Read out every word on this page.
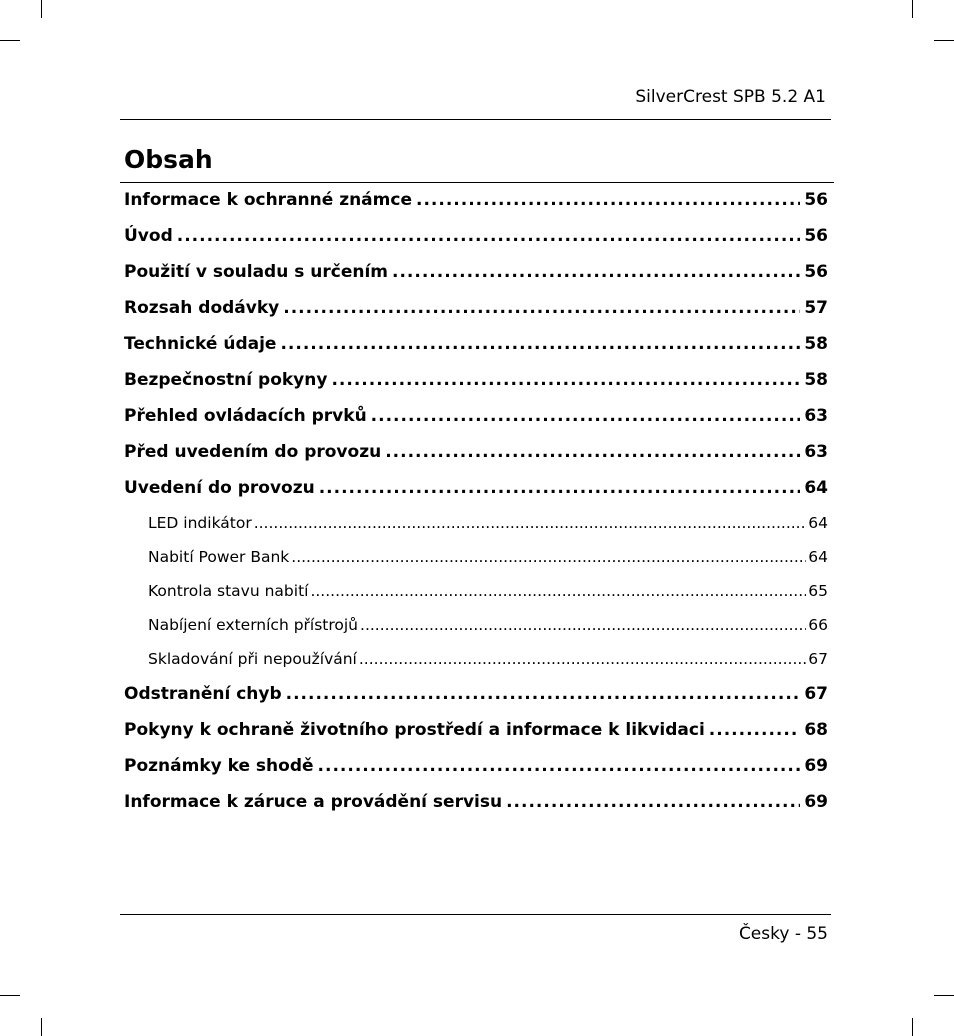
SilverCrest SPB 5.2 A1
Obsah
Informace k ochranné známce .....	56
Úvod .....	56
Použití v souladu s určením .....	56
Rozsah dodávky .....	57
Technické údaje .....	58
Bezpečnostní pokyny .....	58
Přehled ovládacích prvků .....	63
Před uvedením do provozu .....	63
Uvedení do provozu .....	64
LED indikátor .....	64
Nabití Power Bank .....	64
Kontrola stavu nabití .....	65
Nabíjení externích přístrojů .....	66
Skladování při nepoužívání .....	67
Odstranění chyb .....	67
Pokyny k ochraně životního prostředí a informace k likvidaci .....	68
Poznámky ke shodě .....	69
Informace k záruce a provádění servisu .....	69
Česky - 55
